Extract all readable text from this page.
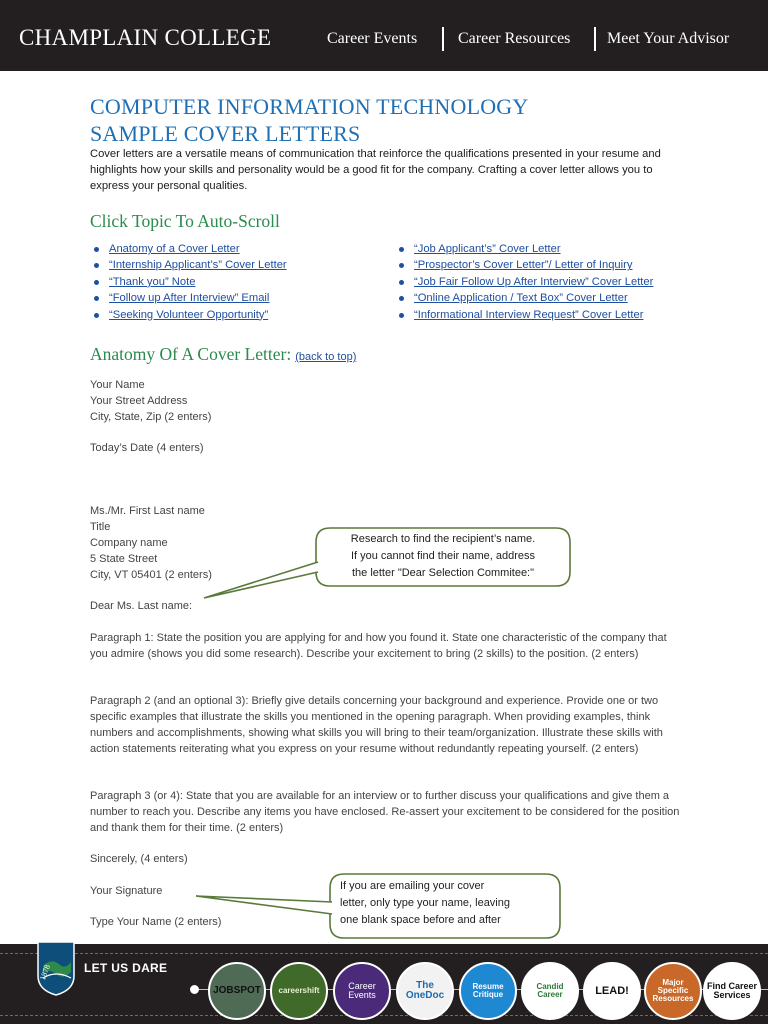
CHAMPLAIN COLLEGE	Career Events	Career Resources Meet Your Advisor
COMPUTER INFORMATION TECHNOLOGY
SAMPLE COVER LETTERS
Cover letters are a versatile means of communication that reinforce the qualifications presented in your resume and highlights how your skills and personality would be a good fit for the company. Crafting a cover letter allows you to express your personal qualities.
Click Topic To Auto-Scroll
Anatomy of a Cover Letter
“Internship Applicant’s” Cover Letter
“Thank you” Note
“Follow up After Interview” Email
“Seeking Volunteer Opportunity”
“Job Applicant’s” Cover Letter
“Prospector’s Cover Letter”/ Letter of Inquiry
“Job Fair Follow Up After Interview” Cover Letter
“Online Application / Text Box” Cover Letter
“Informational Interview Request” Cover Letter
Anatomy Of A Cover Letter: (back to top)
Your Name
Your Street Address
City, State, Zip (2 enters)
Today’s Date (4 enters)
Ms./Mr. First Last name
Title
Company name
5 State Street
City, VT 05401 (2 enters)
Dear Ms. Last name:
Paragraph 1: State the position you are applying for and how you found it. State one characteristic of the company that you admire (shows you did some research). Describe your excitement to bring (2 skills) to the position. (2 enters)
Paragraph 2 (and an optional 3): Briefly give details concerning your background and experience. Provide one or two specific examples that illustrate the skills you mentioned in the opening paragraph. When providing examples, think numbers and accomplishments, showing what skills you will bring to their team/organization. Illustrate these skills with action statements reiterating what you express on your resume without redundantly repeating yourself. (2 enters)
Paragraph 3 (or 4): State that you are available for an interview or to further discuss your qualifications and give them a number to reach you. Describe any items you have enclosed. Re-assert your excitement to be considered for the position and thank them for their time. (2 enters)
Sincerely, (4 enters)
Your Signature
Type Your Name (2 enters)
Research to find the recipient’s name.
If you cannot find their name, address
the letter "Dear Selection Commitee:"
If you are emailing your cover
letter, only type your name, leaving
one blank space before and after
1878	LET US DARE
JOBSPOT careershift	Career Events
The OneDoc
Resume Critique
Candid Career	LEAD!
Major Specific Resources
Find Career Services
